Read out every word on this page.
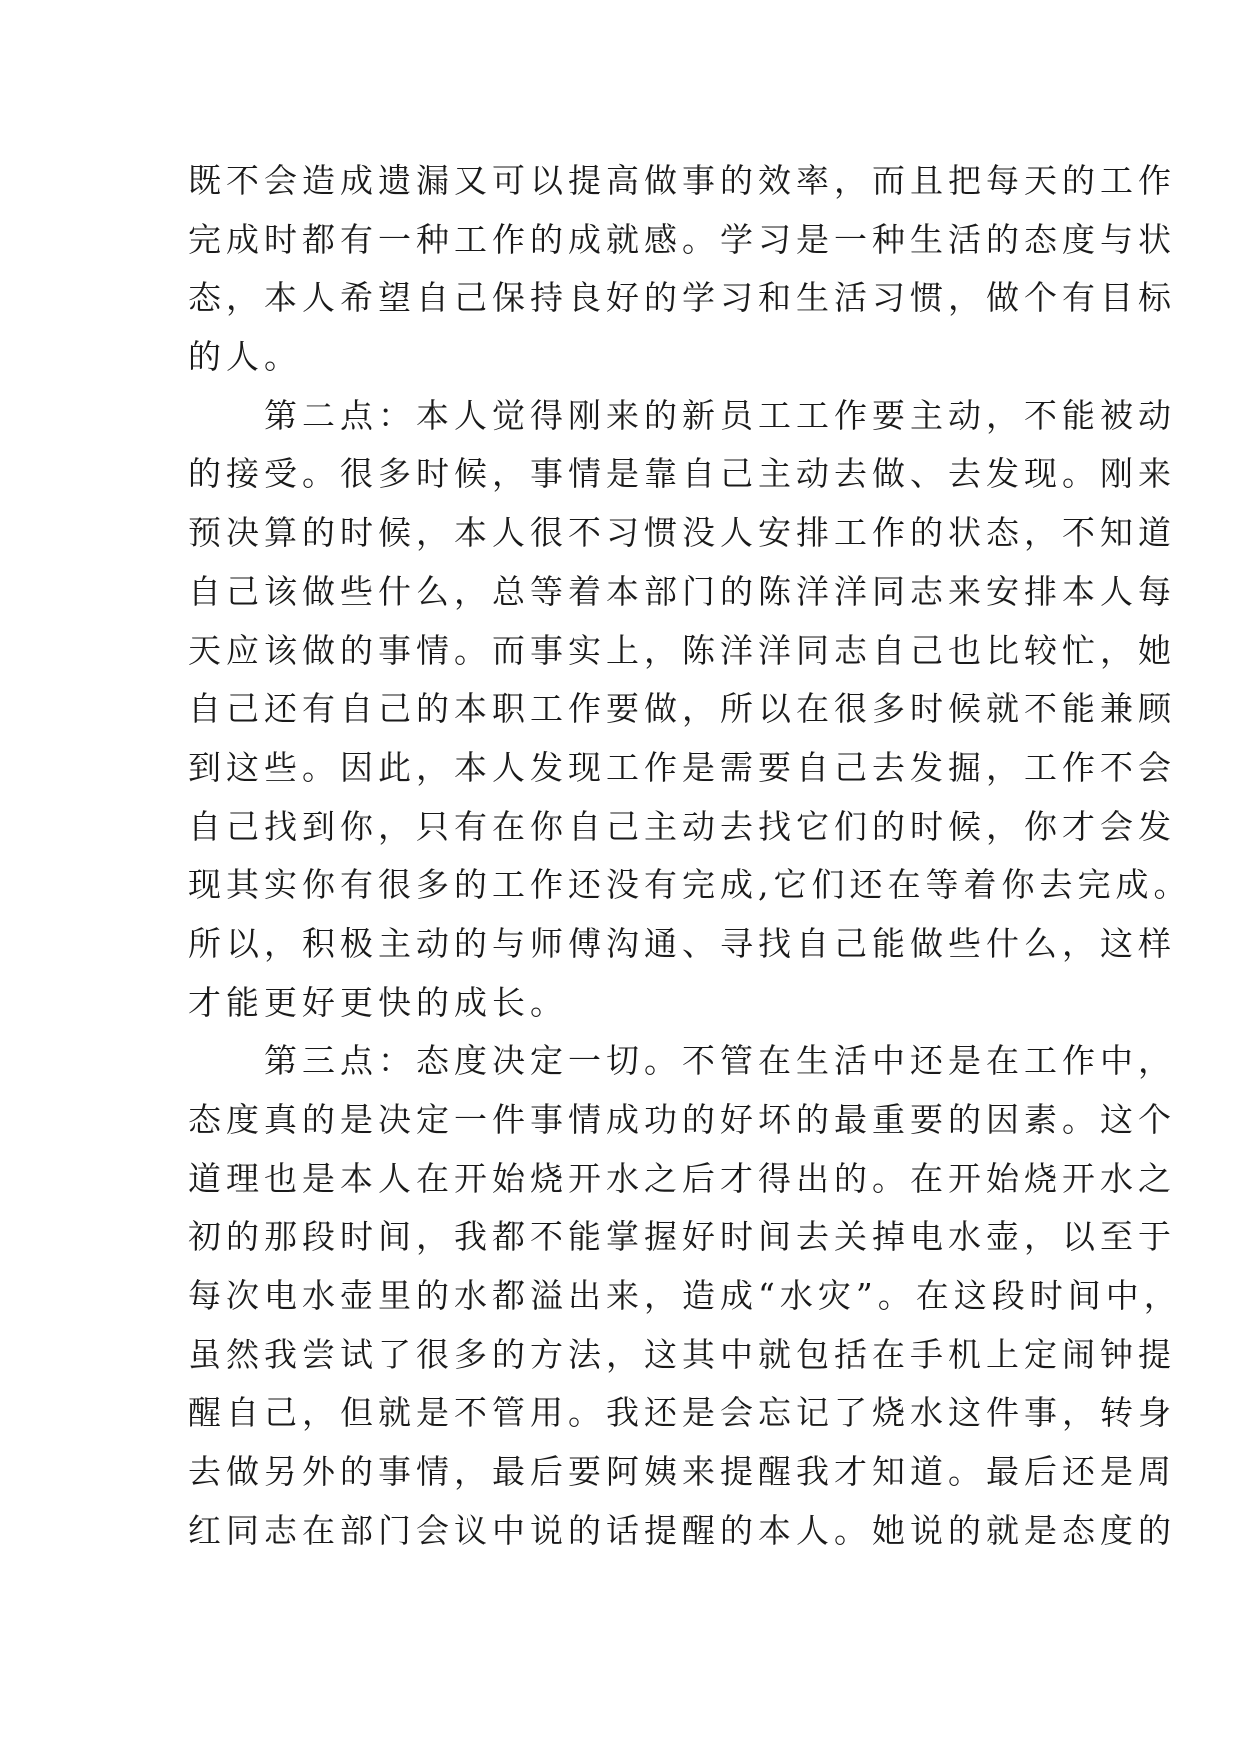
既不会造成遗漏又可以提高做事的效率，而且把每天的工作
完成时都有一种工作的成就感。学习是一种生活的态度与状
态，本人希望自己保持良好的学习和生活习惯，做个有目标
的人。
第二点：本人觉得刚来的新员工工作要主动，不能被动
的接受。很多时候，事情是靠自己主动去做、去发现。刚来
预决算的时候，本人很不习惯没人安排工作的状态，不知道
自己该做些什么，总等着本部门的陈洋洋同志来安排本人每
天应该做的事情。而事实上，陈洋洋同志自己也比较忙，她
自己还有自己的本职工作要做，所以在很多时候就不能兼顾
到这些。因此，本人发现工作是需要自己去发掘，工作不会
自己找到你，只有在你自己主动去找它们的时候，你才会发
现其实你有很多的工作还没有完成,它们还在等着你去完成。
所以，积极主动的与师傅沟通、寻找自己能做些什么，这样
才能更好更快的成长。
第三点：态度决定一切。不管在生活中还是在工作中，
态度真的是决定一件事情成功的好坏的最重要的因素。这个
道理也是本人在开始烧开水之后才得出的。在开始烧开水之
初的那段时间，我都不能掌握好时间去关掉电水壶，以至于
每次电水壶里的水都溢出来，造成“水灾”。在这段时间中，
虽然我尝试了很多的方法，这其中就包括在手机上定闹钟提
醒自己，但就是不管用。我还是会忘记了烧水这件事，转身
去做另外的事情，最后要阿姨来提醒我才知道。最后还是周
红同志在部门会议中说的话提醒的本人。她说的就是态度的
